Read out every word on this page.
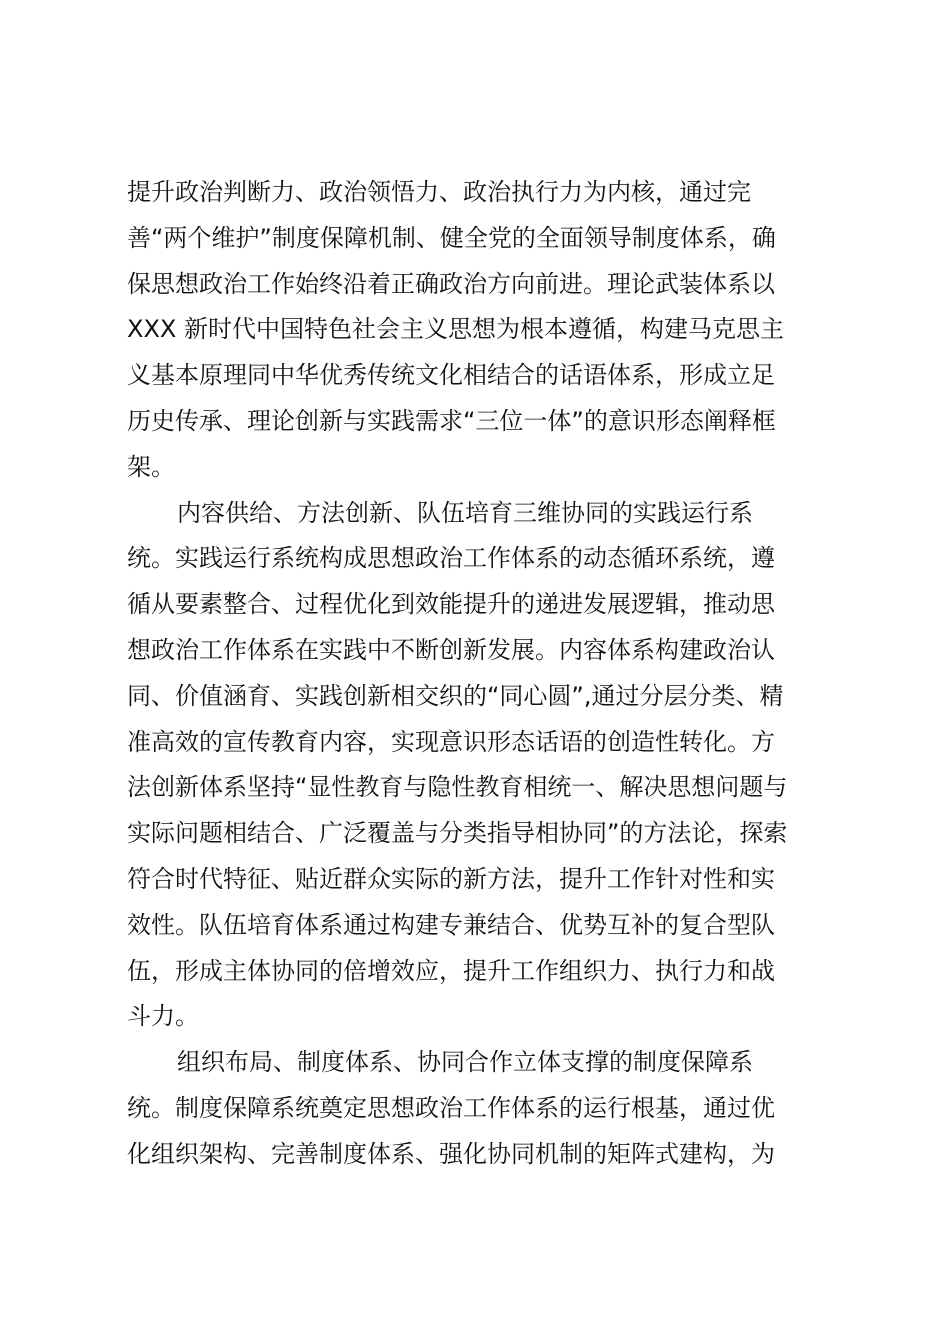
提升政治判断力、政治领悟力、政治执行力为内核，通过完
善“两个维护”制度保障机制、健全党的全面领导制度体系，确
保思想政治工作始终沿着正确政治方向前进。理论武装体系以
XXX 新时代中国特色社会主义思想为根本遵循，构建马克思主
义基本原理同中华优秀传统文化相结合的话语体系，形成立足
历史传承、理论创新与实践需求“三位一体”的意识形态阐释框
架。
内容供给、方法创新、队伍培育三维协同的实践运行系
统。实践运行系统构成思想政治工作体系的动态循环系统，遵
循从要素整合、过程优化到效能提升的递进发展逻辑，推动思
想政治工作体系在实践中不断创新发展。内容体系构建政治认
同、价值涵育、实践创新相交织的“同心圆”,通过分层分类、精
准高效的宣传教育内容，实现意识形态话语的创造性转化。方
法创新体系坚持“显性教育与隐性教育相统一、解决思想问题与
实际问题相结合、广泛覆盖与分类指导相协同”的方法论，探索
符合时代特征、贴近群众实际的新方法，提升工作针对性和实
效性。队伍培育体系通过构建专兼结合、优势互补的复合型队
伍，形成主体协同的倍增效应，提升工作组织力、执行力和战
斗力。
组织布局、制度体系、协同合作立体支撑的制度保障系
统。制度保障系统奠定思想政治工作体系的运行根基，通过优
化组织架构、完善制度体系、强化协同机制的矩阵式建构，为
